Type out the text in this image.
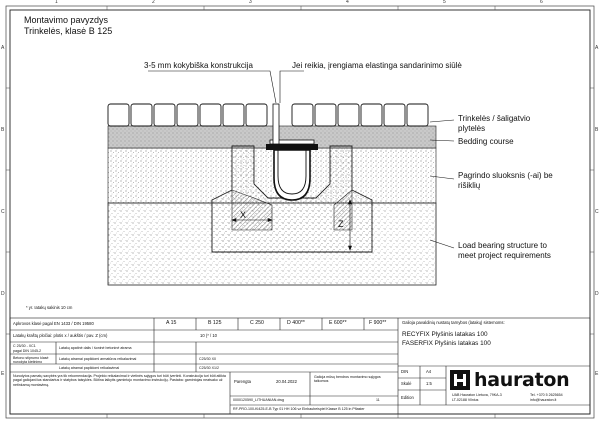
Montavimo pavyzdys
Trinkelės, klasė B 125
1	2	3	4	5	6
A
B
C
D
E
A
B
C
D
E
3-5 mm kokybiška konstrukcija	Jei reikia, įrengiama elastinga sandarinimo siūlė
Trinkelės / šaligatvio
plytelės
Bedding course
Pagrindo sluoksnis (-ai) be
rišiklių
Load bearing structure to
meet project requirements
X
Z
* yr. Iatakų sakinis 10 cm
Apkrovos klasė pagal EN 1433 / DIN 19580	A 15	B 125	C 250	D 400**	E 600**	F 900**
Latakų kraštų pločiai: plotis x / aukštis / pav. Z (cm)	10 (* / 10
C 25/30 - XC1
pagal DIN 1045-2
Latakų apatinė dalis / šoninė betoninė atrama
Betono stiprumo klasė
nurodyta kietinimo
Latakų atramai papildomi armatūros reikalavimai	C25/30 X0
Latakų atramai papildomi reikalavimai	C25/30 X1/2
Nurodytos pamatų savybės yra tik rekomendacija. Projekto reikalavimai ir vietinės sąlygos turi būti įvertinti. Konstrukcija turi būti atlikta pagal galiojančius standartus ir statybos taisykles. Būtina laikytis gamintojo montavimo instrukcijų. Pastaba: gamintojas neatsako už netinkamą montavimą.
Galioja pavaldinių nustatų tarnybos (latakų) sistemoms:
RECYFIX Plyšinis latakas 100
FASERFIX Plyšinis latakas 100
Parengta	20.04.2022
Galioja mūsų bendros montavimo sąlygos taikomos
DIN	A4
Skalė	1:5
Edition
0000120590_LITHUANIAN.dwg	11
RF-PRO-100-Kl425-E-B Typ 01 HH 106 vz Einbaubeispiel Klasse B 125 in Pflaster
hauraton
UAB Hauraton Lietuva, 79KA-3
LT-02188 Vilnius
Tel. +370 5 2625654
info@hauraton.lt
